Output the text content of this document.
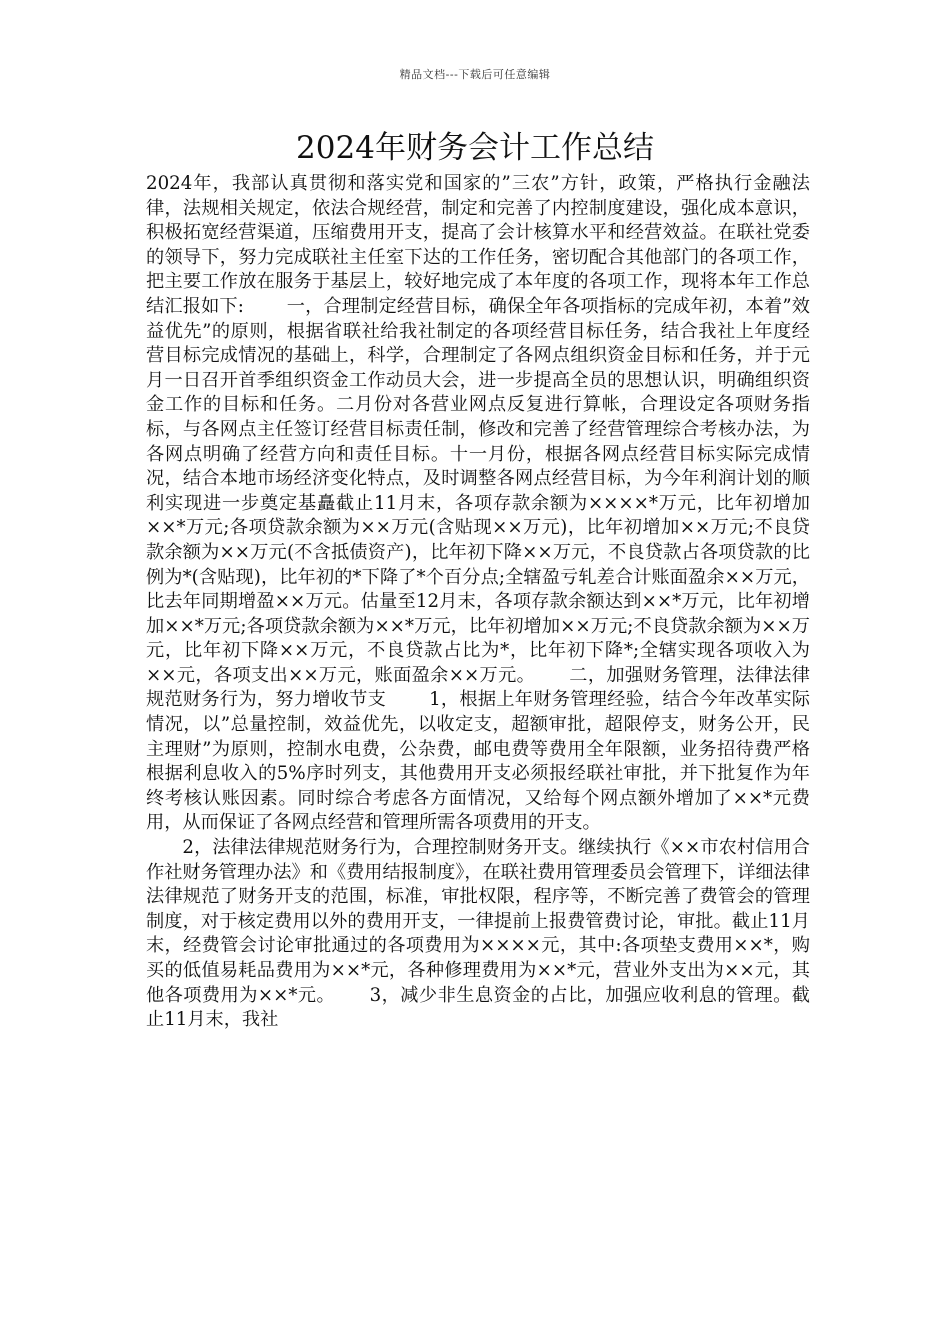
精品文档---下载后可任意编辑
2024年财务会计工作总结

2024年，我部认真贯彻和落实党和国家的”三农”方针，政策，严格执行金融法律，法规相关规定，依法合规经营，制定和完善了内控制度建设，强化成本意识，积极拓宽经营渠道，压缩费用开支，提高了会计核算水平和经营效益。在联社党委的领导下，努力完成联社主任室下达的工作任务，密切配合其他部门的各项工作，把主要工作放在服务于基层上，较好地完成了本年度的各项工作，现将本年工作总结汇报如下:　　 一，合理制定经营目标，确保全年各项指标的完成年初，本着”效益优先”的原则，根据省联社给我社制定的各项经营目标任务，结合我社上年度经营目标完成情况的基础上，科学，合理制定了各网点组织资金目标和任务，并于元月一日召开首季组织资金工作动员大会，进一步提高全员的思想认识，明确组织资金工作的目标和任务。二月份对各营业网点反复进行算帐，合理设定各项财务指标，与各网点主任签订经营目标责任制，修改和完善了经营管理综合考核办法，为各网点明确了经营方向和责任目标。十一月份，根据各网点经营目标实际完成情况，结合本地市场经济变化特点，及时调整各网点经营目标，为今年利润计划的顺利实现进一步奠定基矗截止11月末，各项存款余额为××××*万元，比年初增加××*万元;各项贷款余额为××万元(含贴现××万元)，比年初增加××万元;不良贷款余额为××万元(不含抵债资产)，比年初下降××万元，不良贷款占各项贷款的比例为*(含贴现)，比年初的*下降了*个百分点;全辖盈亏轧差合计账面盈余××万元，比去年同期增盈××万元。估量至12月末，各项存款余额达到××*万元，比年初增加××*万元;各项贷款余额为××*万元，比年初增加××万元;不良贷款余额为××万元，比年初下降××万元，不良贷款占比为*，比年初下降*;全辖实现各项收入为××元，各项支出××万元，账面盈余××万元。　　 二，加强财务管理，法律法律规范财务行为，努力增收节支　　 1，根据上年财务管理经验，结合今年改革实际情况，以”总量控制，效益优先，以收定支，超额审批，超限停支，财务公开，民主理财”为原则，控制水电费，公杂费，邮电费等费用全年限额，业务招待费严格根据利息收入的5%序时列支，其他费用开支必须报经联社审批，并下批复作为年终考核认账因素。同时综合考虑各方面情况，又给每个网点额外增加了××*元费用，从而保证了各网点经营和管理所需各项费用的开支。

2，法律法律规范财务行为，合理控制财务开支。继续执行《××市农村信用合作社财务管理办法》和《费用结报制度》，在联社费用管理委员会管理下，详细法律法律规范了财务开支的范围，标准，审批权限，程序等，不断完善了费管会的管理制度，对于核定费用以外的费用开支，一律提前上报费管费讨论，审批。截止11月末，经费管会讨论审批通过的各项费用为××××元，其中:各项垫支费用××*，购买的低值易耗品费用为××*元，各种修理费用为××*元，营业外支出为××元，其他各项费用为××*元。　　 3，减少非生息资金的占比，加强应收利息的管理。截止11月末，我社
